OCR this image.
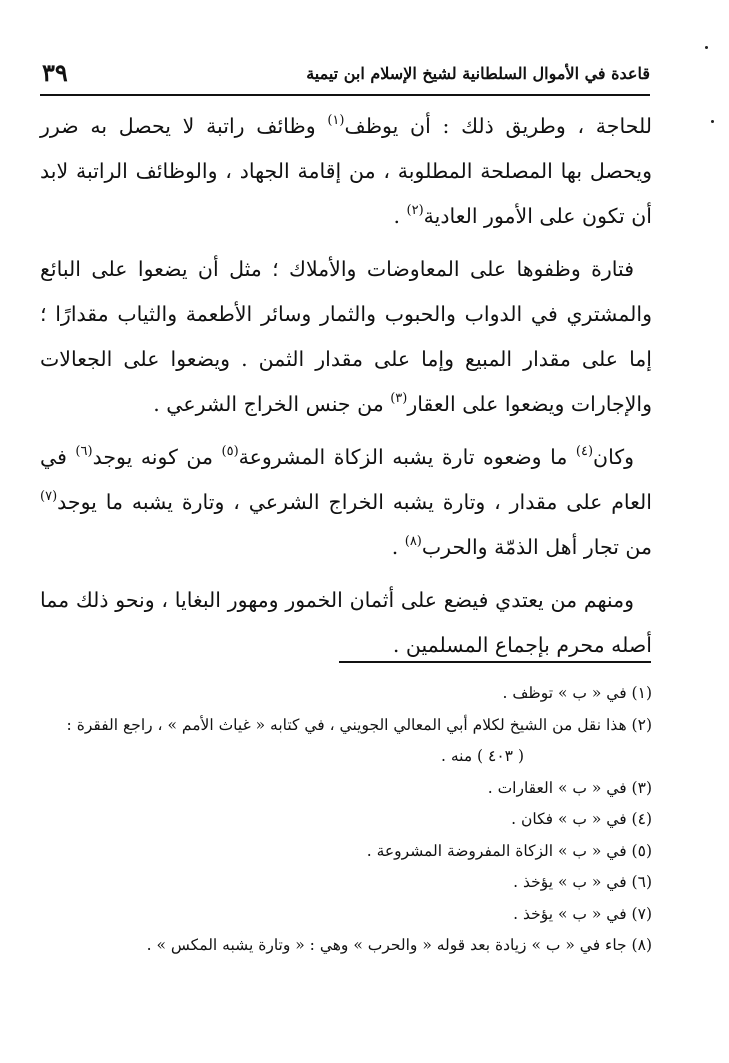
قاعدة في الأموال السلطانية لشيخ الإسلام ابن تيمية
٣٩

للحاجة ، وطريق ذلك : أن يوظف$^{(١)}$ وظائف راتبة لا يحصل به ضرر ويحصل بها المصلحة المطلوبة ، من إقامة الجهاد ، والوظائف الراتبة لابد أن تكون على الأمور العادية$^{(٢)}$ .

فتارة وظفوها على المعاوضات والأملاك ؛ مثل أن يضعوا على البائع والمشتري في الدواب والحبوب والثمار وسائر الأطعمة والثياب مقدارًا ؛ إما على مقدار المبيع وإما على مقدار الثمن . ويضعوا على الجعالات والإجارات ويضعوا على العقار$^{(٣)}$ من جنس الخراج الشرعي .

وكان$^{(٤)}$ ما وضعوه تارة يشبه الزكاة المشروعة$^{(٥)}$ من كونه يوجد$^{(٦)}$ في العام على مقدار ، وتارة يشبه الخراج الشرعي ، وتارة يشبه ما يوجد$^{(٧)}$ من تجار أهل الذمّة والحرب$^{(٨)}$ .

ومنهم من يعتدي فيضع على أثمان الخمور ومهور البغايا ، ونحو ذلك مما أصله محرم بإجماع المسلمين .

(١) في « ب » توظف .

(٢) هذا نقل من الشيخ لكلام أبي المعالي الجويني ، في كتابه « غياث الأمم » ، راجع الفقرة :

( ٤٠٣ ) منه .

(٣) في « ب » العقارات .

(٤) في « ب » فكان .

(٥) في « ب » الزكاة المفروضة المشروعة .

(٦) في « ب » يؤخذ .

(٧) في « ب » يؤخذ .

(٨) جاء في « ب » زيادة بعد قوله « والحرب » وهي : « وتارة يشبه المكس » .
